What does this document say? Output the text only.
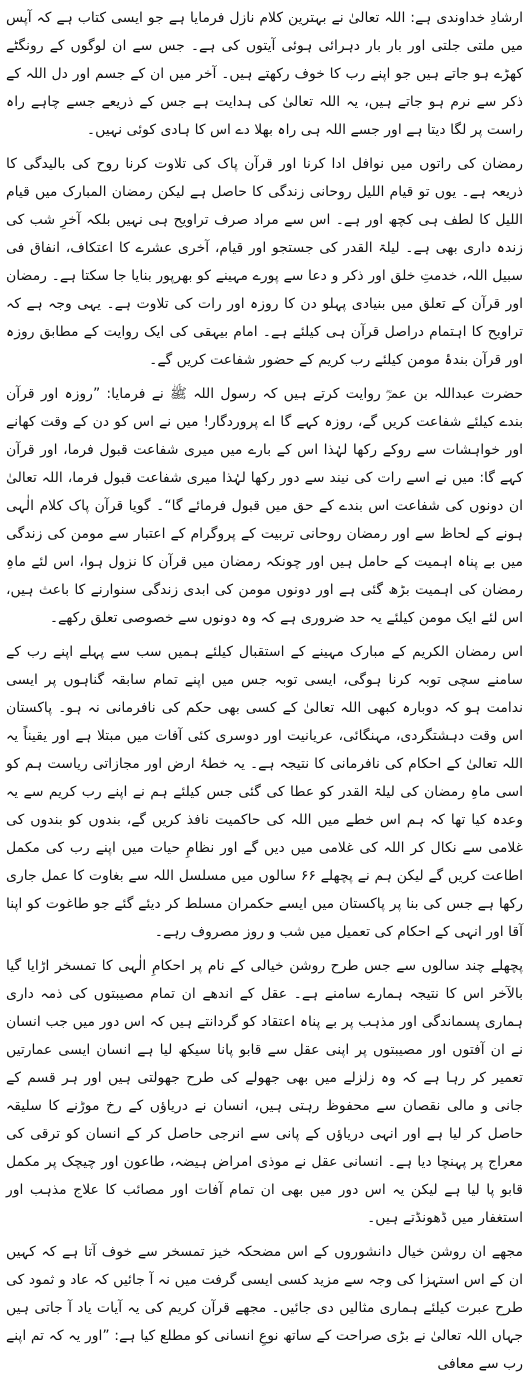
ارشادِ خداوندی ہے: اللہ تعالیٰ نے بہترین کلام نازل فرمایا ہے جو ایسی کتاب ہے کہ آپس میں ملتی جلتی اور بار بار دہرائی ہوئی آیتوں کی ہے۔ جس سے ان لوگوں کے رونگٹے کھڑے ہو جاتے ہیں جو اپنے رب کا خوف رکھتے ہیں۔ آخر میں ان کے جسم اور دل اللہ کے ذکر سے نرم ہو جاتے ہیں، یہ اللہ تعالیٰ کی ہدایت ہے جس کے ذریعے جسے چاہے راہ راست پر لگا دیتا ہے اور جسے اللہ ہی راہ بھلا دے اس کا ہادی کوئی نہیں۔

رمضان کی راتوں میں نوافل ادا کرنا اور قرآن پاک کی تلاوت کرنا روح کی بالیدگی کا ذریعہ ہے۔ یوں تو قیام اللیل روحانی زندگی کا حاصل ہے لیکن رمضان المبارک میں قیام اللیل کا لطف ہی کچھ اور ہے۔ اس سے مراد صرف تراویح ہی نہیں بلکہ آخرِ شب کی زندہ داری بھی ہے۔ لیلۃ القدر کی جستجو اور قیام، آخری عشرے کا اعتکاف، انفاق فی سبیل اللہ، خدمتِ خلق اور ذکر و دعا سے پورے مہینے کو بھرپور بنایا جا سکتا ہے۔ رمضان اور قرآن کے تعلق میں بنیادی پہلو دن کا روزہ اور رات کی تلاوت ہے۔ یہی وجہ ہے کہ تراویح کا اہتمام دراصل قرآن ہی کیلئے ہے۔ امام بیہقی کی ایک روایت کے مطابق روزہ اور قرآن بندۂ مومن کیلئے رب کریم کے حضور شفاعت کریں گے۔

حضرت عبداللہ بن عمرؓ روایت کرتے ہیں کہ رسول اللہ ﷺ نے فرمایا: ”روزہ اور قرآن بندے کیلئے شفاعت کریں گے، روزہ کہے گا اے پروردگار! میں نے اس کو دن کے وقت کھانے اور خواہشات سے روکے رکھا لہٰذا اس کے بارے میں میری شفاعت قبول فرما، اور قرآن کہے گا: میں نے اسے رات کی نیند سے دور رکھا لہٰذا میری شفاعت قبول فرما، اللہ تعالیٰ ان دونوں کی شفاعت اس بندے کے حق میں قبول فرمائے گا“۔ گویا قرآن پاک کلام الٰہی ہونے کے لحاظ سے اور رمضان روحانی تربیت کے پروگرام کے اعتبار سے مومن کی زندگی میں بے پناہ اہمیت کے حامل ہیں اور چونکہ رمضان میں قرآن کا نزول ہوا، اس لئے ماہِ رمضان کی اہمیت بڑھ گئی ہے اور دونوں مومن کی ابدی زندگی سنوارنے کا باعث ہیں، اس لئے ایک مومن کیلئے یہ حد ضروری ہے کہ وہ دونوں سے خصوصی تعلق رکھے۔

اس رمضان الکریم کے مبارک مہینے کے استقبال کیلئے ہمیں سب سے پہلے اپنے رب کے سامنے سچی توبہ کرنا ہوگی، ایسی توبہ جس میں اپنے تمام سابقہ گناہوں پر ایسی ندامت ہو کہ دوبارہ کبھی اللہ تعالیٰ کے کسی بھی حکم کی نافرمانی نہ ہو۔ پاکستان اس وقت دہشتگردی، مہنگائی، عریانیت اور دوسری کئی آفات میں مبتلا ہے اور یقیناً یہ اللہ تعالیٰ کے احکام کی نافرمانی کا نتیجہ ہے۔ یہ خطۂ ارض اور مجازاتی ریاست ہم کو اسی ماہِ رمضان کی لیلۃ القدر کو عطا کی گئی جس کیلئے ہم نے اپنے رب کریم سے یہ وعدہ کیا تھا کہ ہم اس خطے میں اللہ کی حاکمیت نافذ کریں گے، بندوں کو بندوں کی غلامی سے نکال کر اللہ کی غلامی میں دیں گے اور نظامِ حیات میں اپنے رب کی مکمل اطاعت کریں گے لیکن ہم نے پچھلے ۶۶ سالوں میں مسلسل اللہ سے بغاوت کا عمل جاری رکھا ہے جس کی بنا پر پاکستان میں ایسے حکمران مسلط کر دیئے گئے جو طاغوت کو اپنا آقا اور انہی کے احکام کی تعمیل میں شب و روز مصروف رہے۔

پچھلے چند سالوں سے جس طرح روشن خیالی کے نام پر احکامِ الٰہی کا تمسخر اڑایا گیا بالآخر اس کا نتیجہ ہمارے سامنے ہے۔ عقل کے اندھے ان تمام مصیبتوں کی ذمہ داری ہماری پسماندگی اور مذہب پر بے پناہ اعتقاد کو گردانتے ہیں کہ اس دور میں جب انسان نے ان آفتوں اور مصیبتوں پر اپنی عقل سے قابو پانا سیکھ لیا ہے انسان ایسی عمارتیں تعمیر کر رہا ہے کہ وہ زلزلے میں بھی جھولے کی طرح جھولتی ہیں اور ہر قسم کے جانی و مالی نقصان سے محفوظ رہتی ہیں، انسان نے دریاؤں کے رخ موڑنے کا سلیقہ حاصل کر لیا ہے اور انہی دریاؤں کے پانی سے انرجی حاصل کر کے انسان کو ترقی کی معراج پر پہنچا دیا ہے۔ انسانی عقل نے موذی امراض ہیضہ، طاعون اور چیچک پر مکمل قابو پا لیا ہے لیکن یہ اس دور میں بھی ان تمام آفات اور مصائب کا علاج مذہب اور استغفار میں ڈھونڈتے ہیں۔

مجھے ان روشن خیال دانشوروں کے اس مضحکہ خیز تمسخر سے خوف آتا ہے کہ کہیں ان کے اس استہزا کی وجہ سے مزید کسی ایسی گرفت میں نہ آ جائیں کہ عاد و ثمود کی طرح عبرت کیلئے ہماری مثالیں دی جائیں۔ مجھے قرآن کریم کی یہ آیات یاد آ جاتی ہیں جہاں اللہ تعالیٰ نے بڑی صراحت کے ساتھ نوعِ انسانی کو مطلع کیا ہے: ”اور یہ کہ تم اپنے رب سے معافی
